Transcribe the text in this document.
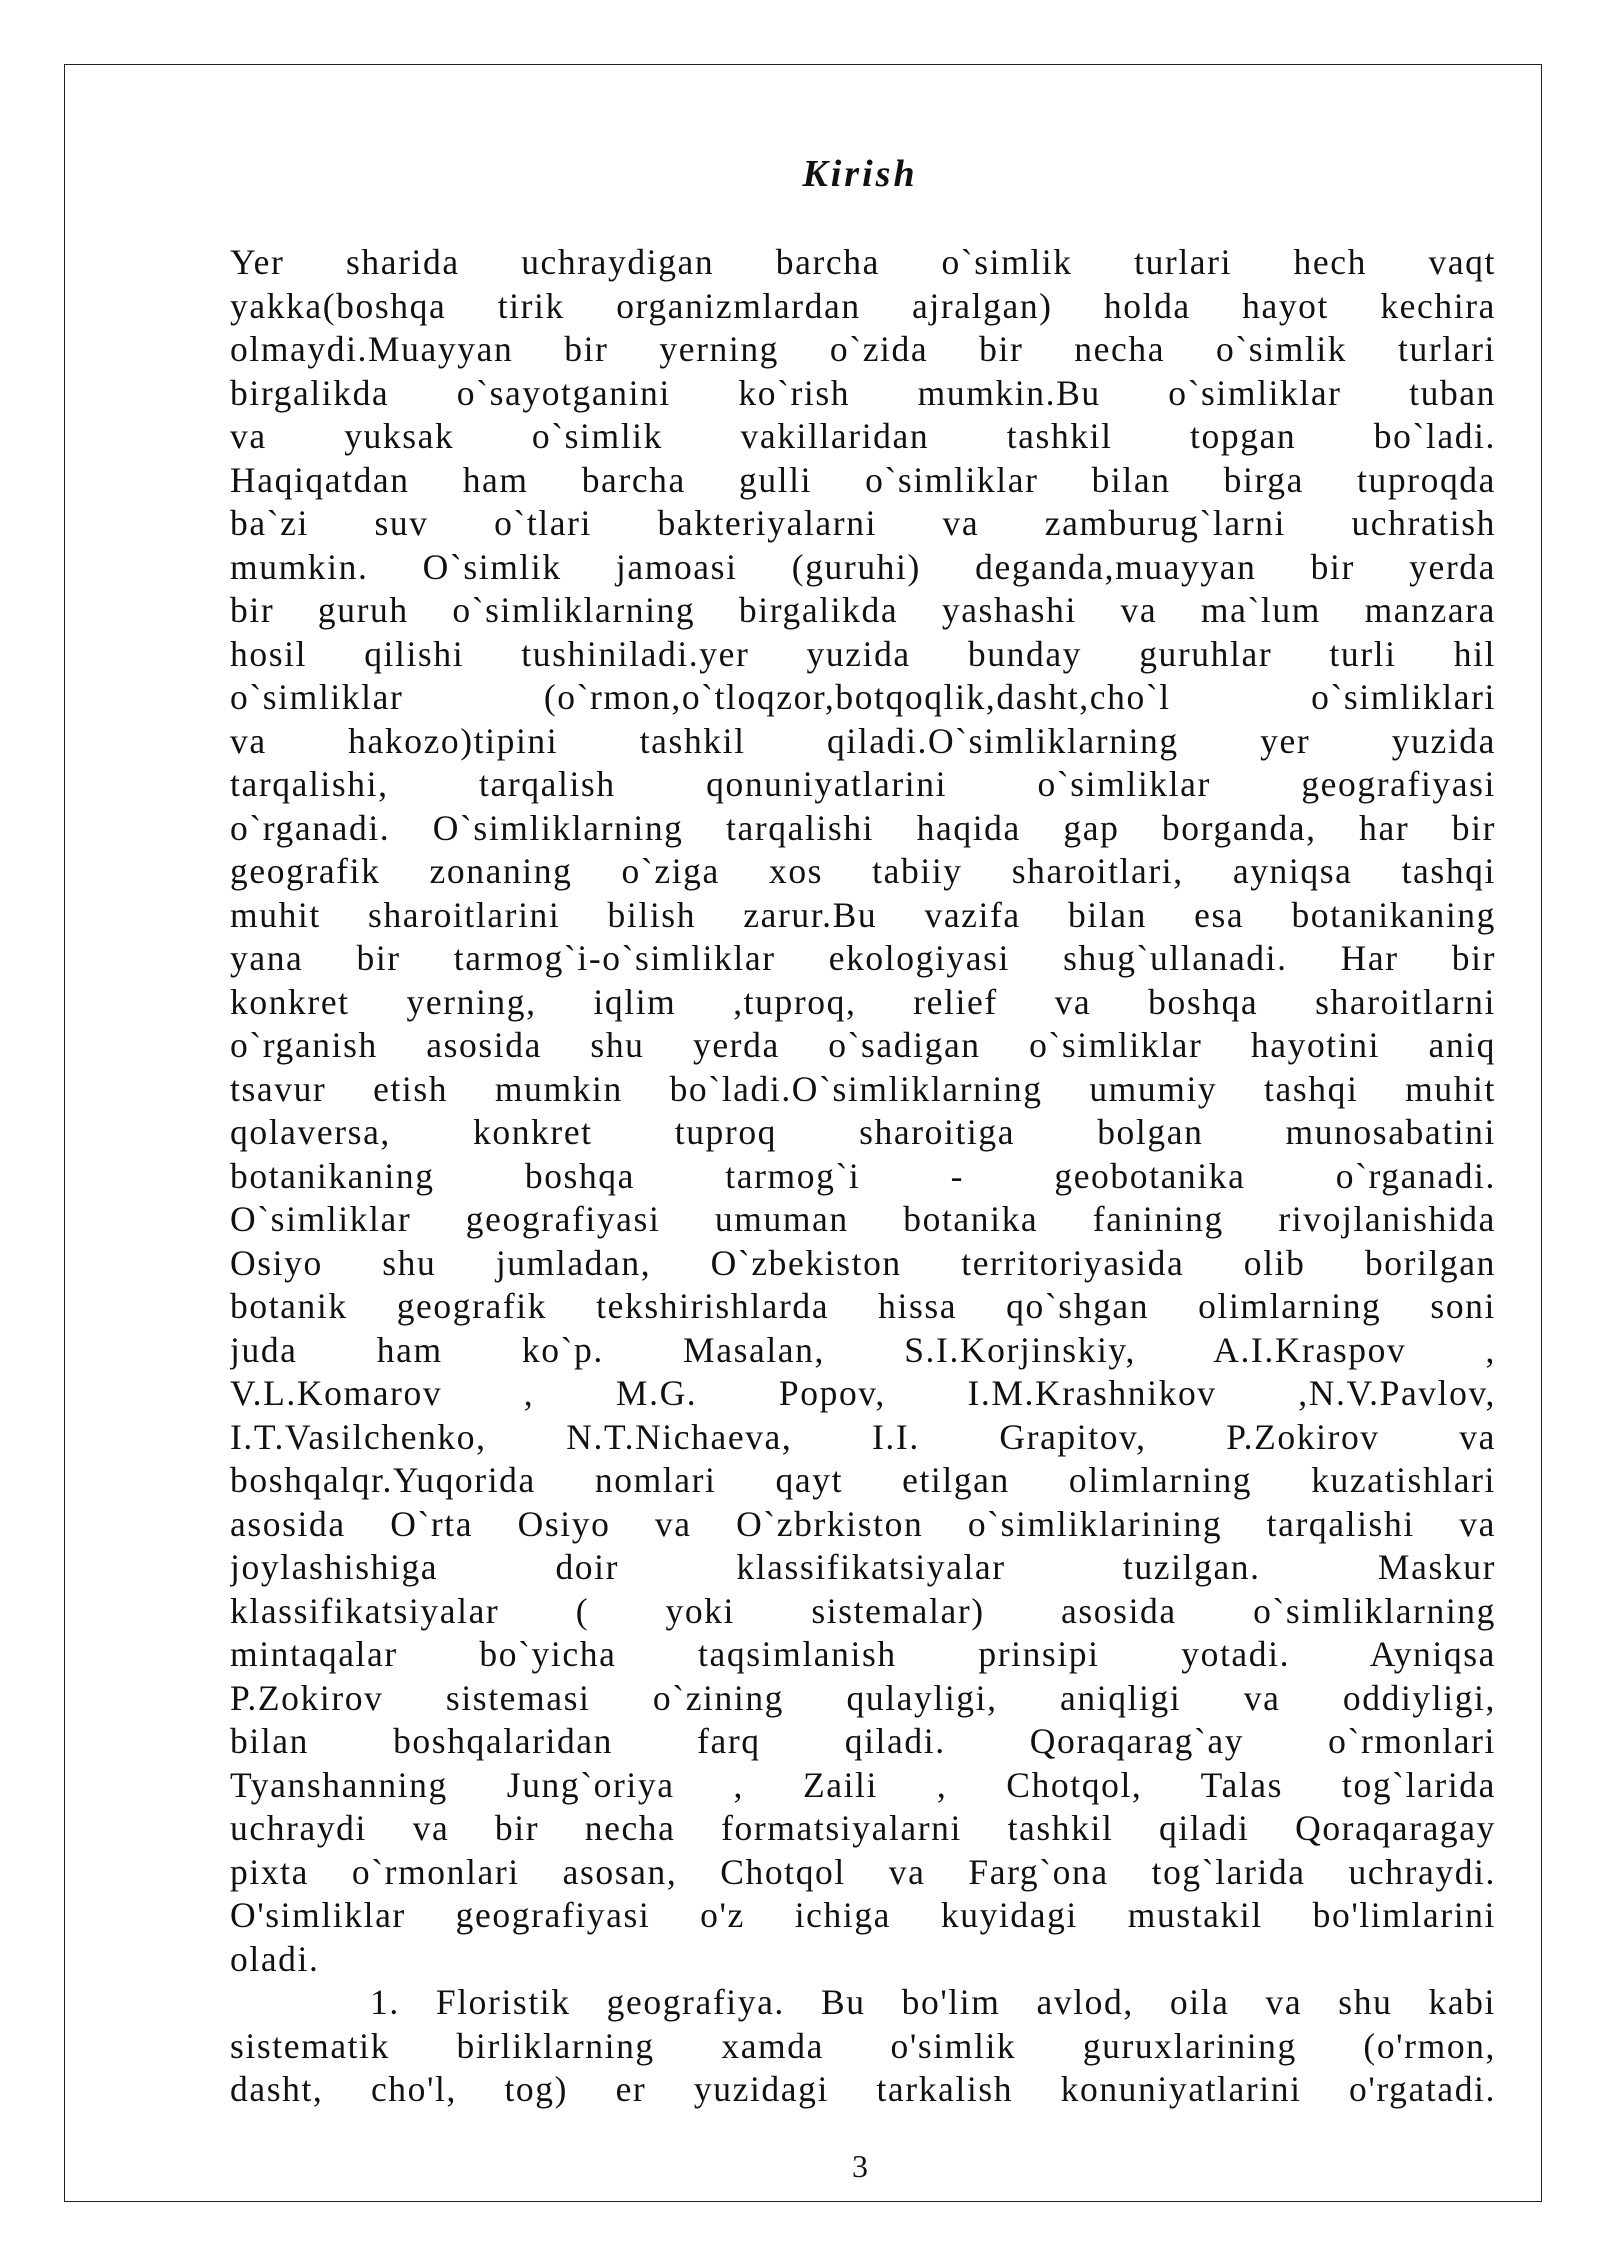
Kirish
Yer sharida uchraydigan barcha o`simlik turlari hech vaqt
yakka(boshqa tirik organizmlardan ajralgan) holda hayot kechira
olmaydi.Muayyan bir yerning o`zida bir necha o`simlik turlari
birgalikda o`sayotganini ko`rish mumkin.Bu o`simliklar tuban
va yuksak o`simlik vakillaridan tashkil topgan bo`ladi.
Haqiqatdan ham barcha gulli o`simliklar bilan birga tuproqda
ba`zi suv o`tlari bakteriyalarni va zamburug`larni uchratish
mumkin. O`simlik jamoasi (guruhi) deganda,muayyan bir yerda
bir guruh o`simliklarning birgalikda yashashi va ma`lum manzara
hosil qilishi tushiniladi.yer yuzida bunday guruhlar turli hil
o`simliklar (o`rmon,o`tloqzor,botqoqlik,dasht,cho`l o`simliklari
va hakozo)tipini tashkil qiladi.O`simliklarning yer yuzida
tarqalishi, tarqalish qonuniyatlarini o`simliklar geografiyasi
o`rganadi. O`simliklarning tarqalishi haqida gap borganda, har bir
geografik zonaning o`ziga xos tabiiy sharoitlari, ayniqsa tashqi
muhit sharoitlarini bilish zarur.Bu vazifa bilan esa botanikaning
yana bir tarmog`i-o`simliklar ekologiyasi shug`ullanadi. Har bir
konkret yerning, iqlim ,tuproq, relief va boshqa sharoitlarni
o`rganish asosida shu yerda o`sadigan o`simliklar hayotini aniq
tsavur etish mumkin bo`ladi.O`simliklarning umumiy tashqi muhit
qolaversa, konkret tuproq sharoitiga bolgan munosabatini
botanikaning boshqa tarmog`i - geobotanika o`rganadi.
O`simliklar geografiyasi umuman botanika fanining rivojlanishida
Osiyo shu jumladan, O`zbekiston territoriyasida olib borilgan
botanik geografik tekshirishlarda hissa qo`shgan olimlarning soni
juda ham ko`p. Masalan, S.I.Korjinskiy, A.I.Kraspov ,
V.L.Komarov , M.G. Popov, I.M.Krashnikov ,N.V.Pavlov,
I.T.Vasilchenko, N.T.Nichaeva, I.I. Grapitov, P.Zokirov va
boshqalqr.Yuqorida nomlari qayt etilgan olimlarning kuzatishlari
asosida O`rta Osiyo va O`zbrkiston o`simliklarining tarqalishi va
joylashishiga doir klassifikatsiyalar tuzilgan. Maskur
klassifikatsiyalar ( yoki sistemalar) asosida o`simliklarning
mintaqalar bo`yicha taqsimlanish prinsipi yotadi. Ayniqsa
P.Zokirov sistemasi o`zining qulayligi, aniqligi va oddiyligi,
bilan boshqalaridan farq qiladi. Qoraqarag`ay o`rmonlari
Tyanshanning Jung`oriya , Zaili , Chotqol, Talas tog`larida
uchraydi va bir necha formatsiyalarni tashkil qiladi Qoraqaragay
pixta o`rmonlari asosan, Chotqol va Farg`ona tog`larida uchraydi.
O'simliklar geografiyasi o'z ichiga kuyidagi mustakil bo'limlarini
oladi.
1. Floristik geografiya. Bu bo'lim avlod, oila va shu kabi
sistematik birliklarning xamda o'simlik guruxlarining (o'rmon,
dasht, cho'l, tog) er yuzidagi tarkalish konuniyatlarini o'rgatadi.
3
